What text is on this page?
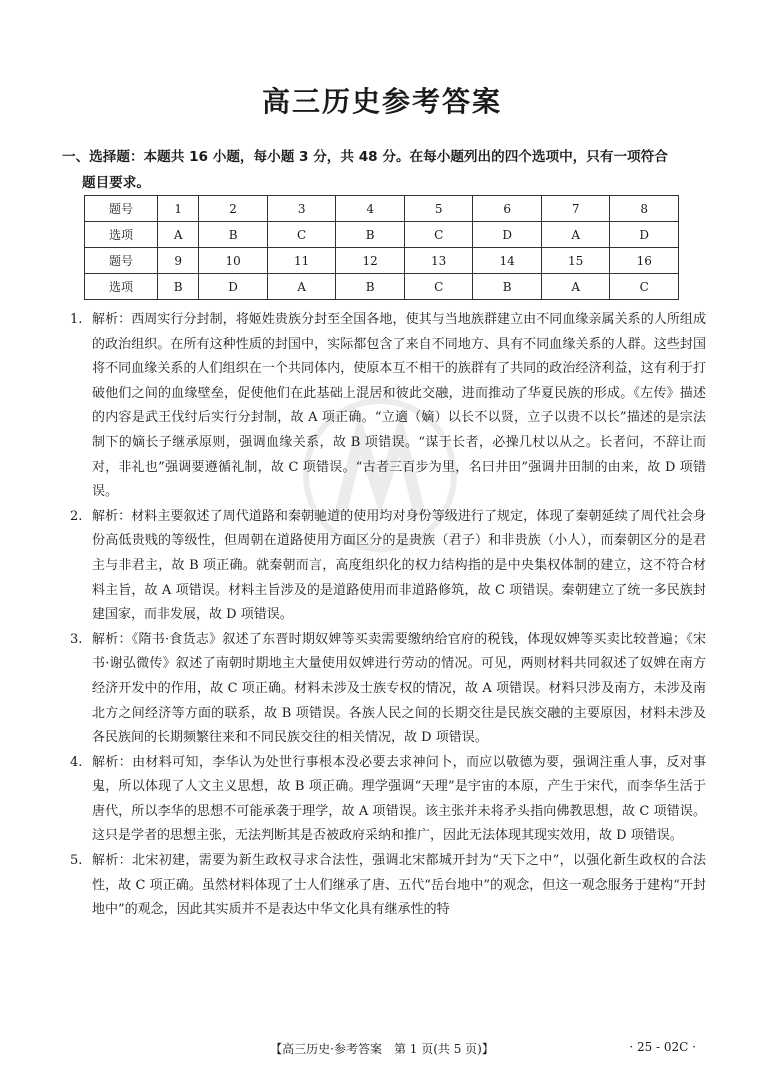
高三历史参考答案
一、选择题：本题共 16 小题，每小题 3 分，共 48 分。在每小题列出的四个选项中，只有一项符合
题目要求。
题号	1	2	3	4	5	6	7	8
选项	A	B	C	B	C	D	A	D
题号	9	10	11	12	13	14	15	16
选项	B	D	A	B	C	B	A	C
1. 解析：西周实行分封制，将姬姓贵族分封至全国各地，使其与当地族群建立由不同血缘亲属关系的人所组成的政治组织。在所有这种性质的封国中，实际都包含了来自不同地方、具有不同血缘关系的人群。这些封国将不同血缘关系的人们组织在一个共同体内，使原本互不相干的族群有了共同的政治经济利益，这有利于打破他们之间的血缘壁垒，促使他们在此基础上混居和彼此交融，进而推动了华夏民族的形成。《左传》描述的内容是武王伐纣后实行分封制，故 A 项正确。“立適（嫡）以长不以贤，立子以贵不以长”描述的是宗法制下的嫡长子继承原则，强调血缘关系，故 B 项错误。“谋于长者，必操几杖以从之。长者问，不辞让而对，非礼也”强调要遵循礼制，故 C 项错误。“古者三百步为里，名曰井田”强调井田制的由来，故 D 项错误。
2. 解析：材料主要叙述了周代道路和秦朝驰道的使用均对身份等级进行了规定，体现了秦朝延续了周代社会身份高低贵贱的等级性，但周朝在道路使用方面区分的是贵族（君子）和非贵族（小人），而秦朝区分的是君主与非君主，故 B 项正确。就秦朝而言，高度组织化的权力结构指的是中央集权体制的建立，这不符合材料主旨，故 A 项错误。材料主旨涉及的是道路使用而非道路修筑，故 C 项错误。秦朝建立了统一多民族封建国家，而非发展，故 D 项错误。
3. 解析：《隋书·食货志》叙述了东晋时期奴婢等买卖需要缴纳给官府的税钱，体现奴婢等买卖比较普遍；《宋书·谢弘微传》叙述了南朝时期地主大量使用奴婢进行劳动的情况。可见，两则材料共同叙述了奴婢在南方经济开发中的作用，故 C 项正确。材料未涉及士族专权的情况，故 A 项错误。材料只涉及南方，未涉及南北方之间经济等方面的联系，故 B 项错误。各族人民之间的长期交往是民族交融的主要原因，材料未涉及各民族间的长期频繁往来和不同民族交往的相关情况，故 D 项错误。
4. 解析：由材料可知，李华认为处世行事根本没必要去求神问卜，而应以敬德为要，强调注重人事，反对事鬼，所以体现了人文主义思想，故 B 项正确。理学强调“天理”是宇宙的本原，产生于宋代，而李华生活于唐代，所以李华的思想不可能承袭于理学，故 A 项错误。该主张并未将矛头指向佛教思想，故 C 项错误。这只是学者的思想主张，无法判断其是否被政府采纳和推广，因此无法体现其现实效用，故 D 项错误。
5. 解析：北宋初建，需要为新生政权寻求合法性，强调北宋都城开封为“天下之中”，以强化新生政权的合法性，故 C 项正确。虽然材料体现了士人们继承了唐、五代“岳台地中”的观念，但这一观念服务于建构“开封地中”的观念，因此其实质并不是表达中华文化具有继承性的特
【高三历史·参考答案　第 1 页(共 5 页)】	· 25 - 02C ·
